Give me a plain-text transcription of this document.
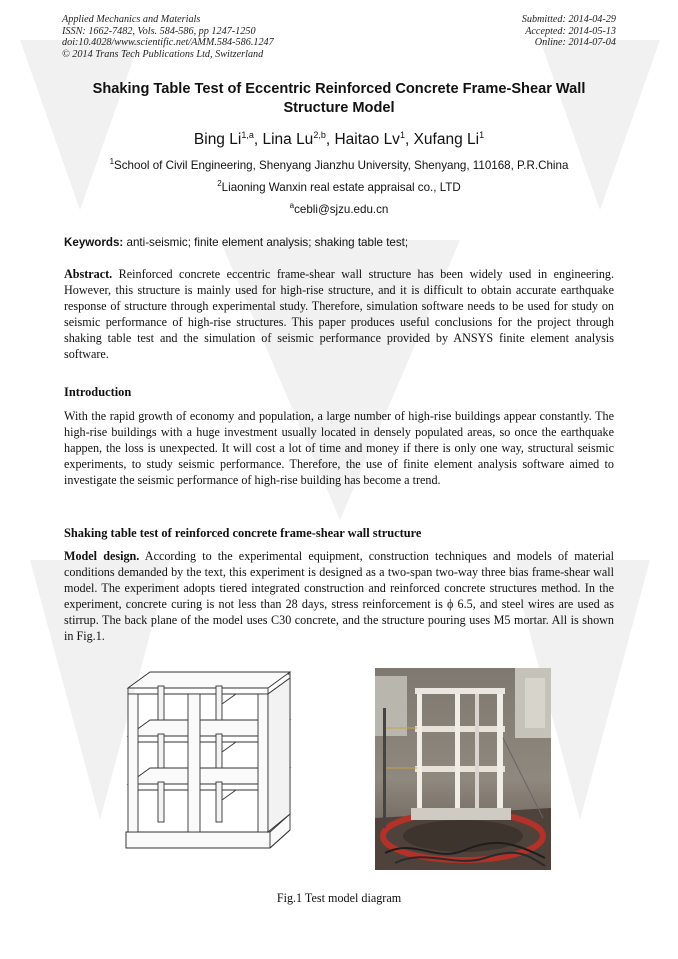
Applied Mechanics and Materials
ISSN: 1662-7482, Vols. 584-586, pp 1247-1250
doi:10.4028/www.scientific.net/AMM.584-586.1247
© 2014 Trans Tech Publications Ltd, Switzerland
Submitted: 2014-04-29
Accepted: 2014-05-13
Online: 2014-07-04
Shaking Table Test of Eccentric Reinforced Concrete Frame-Shear Wall
Structure Model
Bing Li$^{1,a}$, Lina Lu$^{2,b}$, Haitao Lv$^1$, Xufang Li$^1$
$^1$School of Civil Engineering, Shenyang Jianzhu University, Shenyang, 110168, P.R.China
$^2$Liaoning Wanxin real estate appraisal co., LTD
$^a$cebli@sjzu.edu.cn
Keywords: anti-seismic; finite element analysis; shaking table test;
Abstract. Reinforced concrete eccentric frame-shear wall structure has been widely used in engineering. However, this structure is mainly used for high-rise structure, and it is difficult to obtain accurate earthquake response of structure through experimental study. Therefore, simulation software needs to be used for study on seismic performance of high-rise structures. This paper produces useful conclusions for the project through shaking table test and the simulation of seismic performance provided by ANSYS finite element analysis software.
Introduction
With the rapid growth of economy and population, a large number of high-rise buildings appear constantly. The high-rise buildings with a huge investment usually located in densely populated areas, so once the earthquake happen, the loss is unexpected. It will cost a lot of time and money if there is only one way, structural seismic experiments, to study seismic performance. Therefore, the use of finite element analysis software aimed to investigate the seismic performance of high-rise building has become a trend.
Shaking table test of reinforced concrete frame-shear wall structure
Model design. According to the experimental equipment, construction techniques and models of material conditions demanded by the text, this experiment is designed as a two-span two-way three bias frame-shear wall model. The experiment adopts tiered integrated construction and reinforced concrete structures method. In the experiment, concrete curing is not less than 28 days, stress reinforcement is ϕ 6.5, and steel wires are used as stirrup. The back plane of the model uses C30 concrete, and the structure pouring uses M5 mortar. All is shown in Fig.1.
Fig.1 Test model diagram
